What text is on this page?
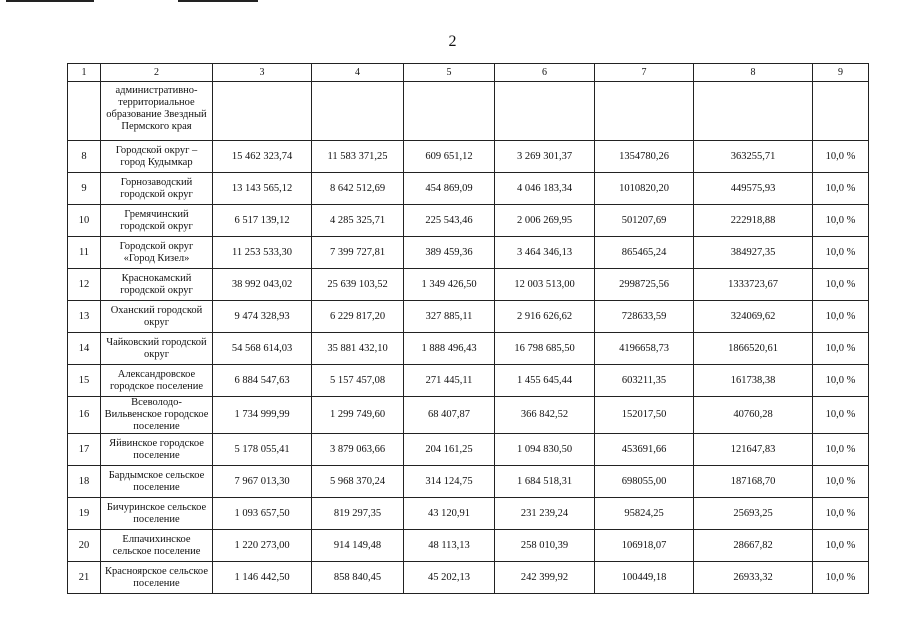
2
1	2	3	4	5	6	7	8	9
	административно-территориальное образование Звездный Пермского края							
8	Городской округ – город Кудымкар	15 462 323,74	11 583 371,25	609 651,12	3 269 301,37	1354780,26	363255,71	10,0 %
9	Горнозаводский городской округ	13 143 565,12	8 642 512,69	454 869,09	4 046 183,34	1010820,20	449575,93	10,0 %
10	Гремячинский городской округ	6 517 139,12	4 285 325,71	225 543,46	2 006 269,95	501207,69	222918,88	10,0 %
11	Городской округ «Город Кизел»	11 253 533,30	7 399 727,81	389 459,36	3 464 346,13	865465,24	384927,35	10,0 %
12	Краснокамский городской округ	38 992 043,02	25 639 103,52	1 349 426,50	12 003 513,00	2998725,56	1333723,67	10,0 %
13	Оханский городской округ	9 474 328,93	6 229 817,20	327 885,11	2 916 626,62	728633,59	324069,62	10,0 %
14	Чайковский городской округ	54 568 614,03	35 881 432,10	1 888 496,43	16 798 685,50	4196658,73	1866520,61	10,0 %
15	Александровское городское поселение	6 884 547,63	5 157 457,08	271 445,11	1 455 645,44	603211,35	161738,38	10,0 %
16	Всеволодо-Вильвенское городское поселение	1 734 999,99	1 299 749,60	68 407,87	366 842,52	152017,50	40760,28	10,0 %
17	Яйвинское городское поселение	5 178 055,41	3 879 063,66	204 161,25	1 094 830,50	453691,66	121647,83	10,0 %
18	Бардымское сельское поселение	7 967 013,30	5 968 370,24	314 124,75	1 684 518,31	698055,00	187168,70	10,0 %
19	Бичуринское сельское поселение	1 093 657,50	819 297,35	43 120,91	231 239,24	95824,25	25693,25	10,0 %
20	Елпачихинское сельское поселение	1 220 273,00	914 149,48	48 113,13	258 010,39	106918,07	28667,82	10,0 %
21	Красноярское сельское поселение	1 146 442,50	858 840,45	45 202,13	242 399,92	100449,18	26933,32	10,0 %
